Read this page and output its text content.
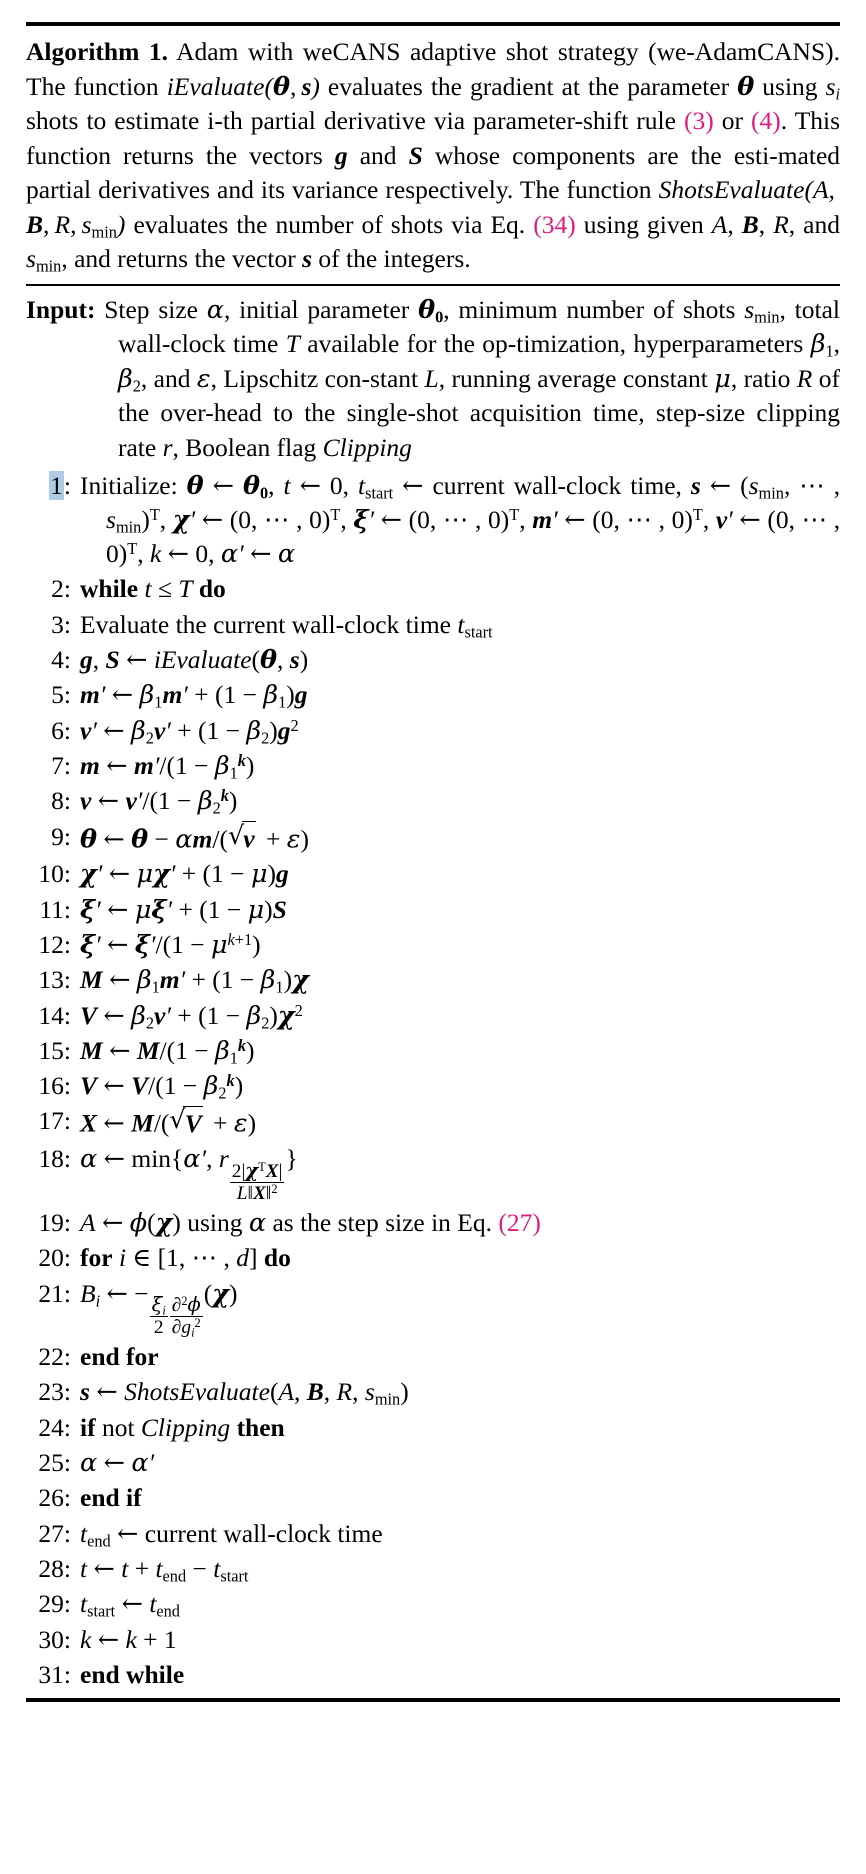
Algorithm 1. Adam with weCANS adaptive shot strategy (we-AdamCANS). The function iEvaluate(θ, s) evaluates the gradient at the parameter θ using $s_i$ shots to estimate i-th partial derivative via parameter-shift rule (3) or (4). This function returns the vectors g and S whose components are the esti-mated partial derivatives and its variance respectively. The function ShotsEvaluate(A, B, R, $s_{min}$) evaluates the number of shots via Eq. (34) using given A, B, R, and $s_{min}$, and returns the vector s of the integers.
Input: Step size α, initial parameter $\theta_0$, minimum number of shots $s_{min}$, total wall-clock time T available for the op⁠-timization, hyperparameters $\beta_1$, $\beta_2$, and ε, Lipschitz con⁠-stant L, running average constant μ, ratio R of the over⁠-head to the single-shot acquisition time, step-size clipping rate r, Boolean flag Clipping
1: Initialize: θ ← $\theta_0$, t ← 0, $t_{start}$ ← current wall-clock time, s ← ($s_{min}$, ⋯ , $s_{min})^T$, χ′ ← (0, ⋯ , 0)$^T$, ξ′ ← (0, ⋯ , 0)$^T$, m′ ← (0, ⋯ , 0)$^T$, v′ ← (0, ⋯ , 0)$^T$, k ← 0, α′ ← α
2: while t ≤ T do
3: Evaluate the current wall-clock time $t_{start}$
4: g, S ← iEvaluate(θ, s)
5: m′ ← $\beta_1m' + (1 - \beta_1)g$
6: v′ ← $\beta_2v' + (1 - \beta_2)g^2$
7: m ← $m'/(1 - \beta_1^k)$
8: v ← $v'/(1 - \beta_2^k)$
9: θ ← θ − αm/( √ v + ε)
10: χ′ ← μχ′ + (1 − μ)g
11: ξ′ ← μξ′ + (1 − μ)S
12: ξ′ ← $\xi'/(1 - \mu^{k+1})$
13: M ← $\beta_1m' + (1 - \beta_1)\chi$
14: V ← $\beta_2v' + (1 - \beta_2)\chi^2$
15: M ← $M/(1 - \beta_1^k)$
16: V ← $V/(1 - \beta_2^k)$
17: X ← M/( √ V + ε)
18: α ← min{α′, r
$\frac{2|\chi^TX|}{L‖X‖^2}$
}
19: A ← ϕ(χ) using α as the step size in Eq. (27)
20: for i ∈ [1, ⋯ , d] do
21: $B_i$ ← −
$\frac{\xi_i}{2} \frac{\partial^2\phi}{\partial g_i^2}$
(χ)
22: end for
23: s ← ShotsEvaluate(A, B, R, $s_{min}$)
24: if not Clipping then
25: α ← α′
26: end if
27: $t_{end}$ ← current wall-clock time
28: t ← $t + t_{end} - t_{start}$
29: $t_{start}$ ← $t_{end}$
30: k ← k + 1
31: end while
